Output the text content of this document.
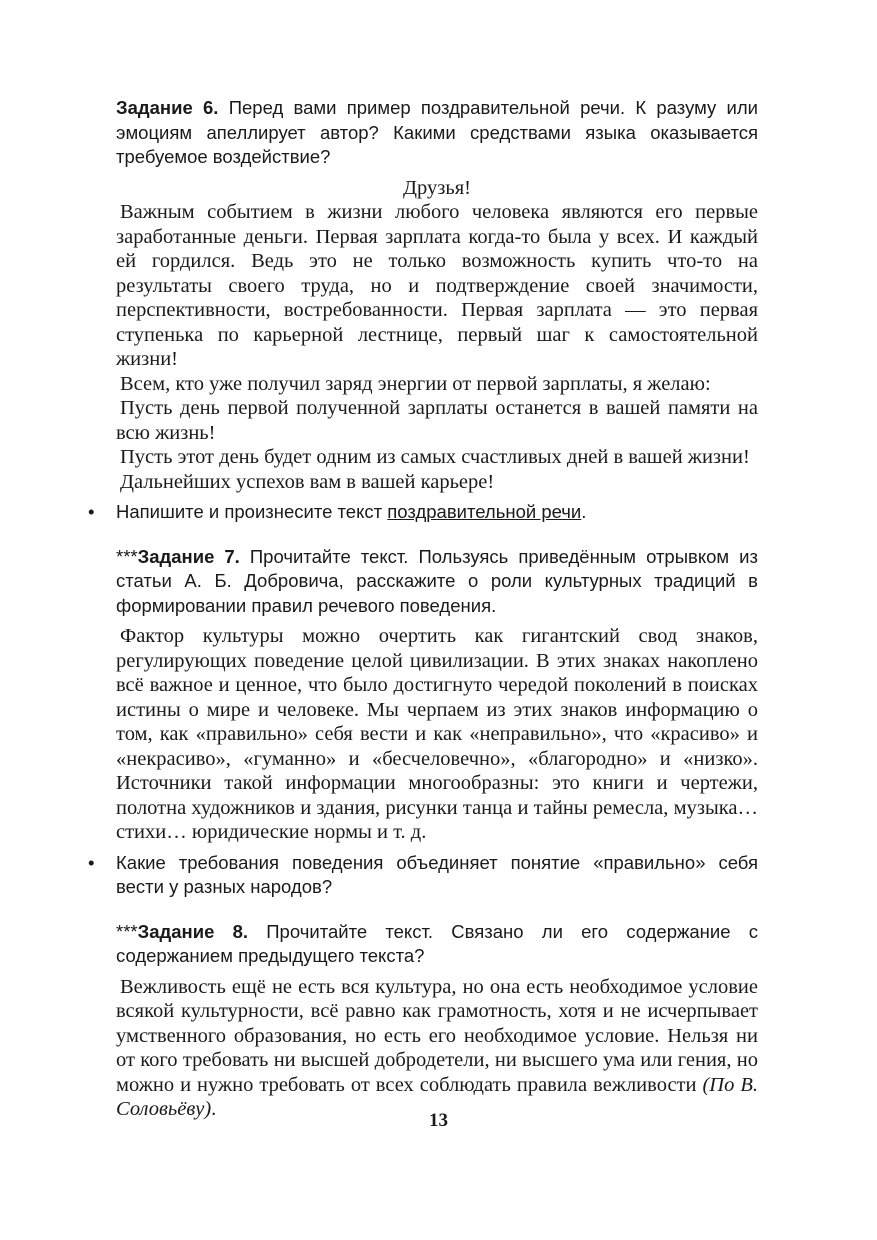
Задание 6. Перед вами пример поздравительной речи. К разуму или эмоциям апеллирует автор? Какими средствами языка оказывается требуемое воздействие?

Друзья!

Важным событием в жизни любого человека являются его первые заработанные деньги. Первая зарплата когда-то была у всех. И каждый ей гордился. Ведь это не только возможность купить что-то на результаты своего труда, но и подтверждение своей значимости, перспективности, востребованности. Первая зарплата — это первая ступенька по карьерной лестнице, первый шаг к самостоятельной жизни!

Всем, кто уже получил заряд энергии от первой зарплаты, я желаю:

Пусть день первой полученной зарплаты останется в вашей памяти на всю жизнь!

Пусть этот день будет одним из самых счастливых дней в вашей жизни!

Дальнейших успехов вам в вашей карьере!

• Напишите и произнесите текст поздравительной речи.

***Задание 7. Прочитайте текст. Пользуясь приведённым отрывком из статьи А. Б. Добровича, расскажите о роли культурных традиций в формировании правил речевого поведения.

Фактор культуры можно очертить как гигантский свод знаков, регулирующих поведение целой цивилизации. В этих знаках накоплено всё важное и ценное, что было достигнуто чередой поколений в поисках истины о мире и человеке. Мы черпаем из этих знаков информацию о том, как «правильно» себя вести и как «неправильно», что «красиво» и «некрасиво», «гуманно» и «бесчеловечно», «благородно» и «низко». Источники такой информации многообразны: это книги и чертежи, полотна художников и здания, рисунки танца и тайны ремесла, музыка… стихи… юридические нормы и т. д.

• Какие требования поведения объединяет понятие «правильно» себя вести у разных народов?

***Задание 8. Прочитайте текст. Связано ли его содержание с содержанием предыдущего текста?

Вежливость ещё не есть вся культура, но она есть необходимое условие всякой культурности, всё равно как грамотность, хотя и не исчерпывает умственного образования, но есть его необходимое условие. Нельзя ни от кого требовать ни высшей добродетели, ни высшего ума или гения, но можно и нужно требовать от всех соблюдать правила вежливости (По В. Соловьёву).

13
